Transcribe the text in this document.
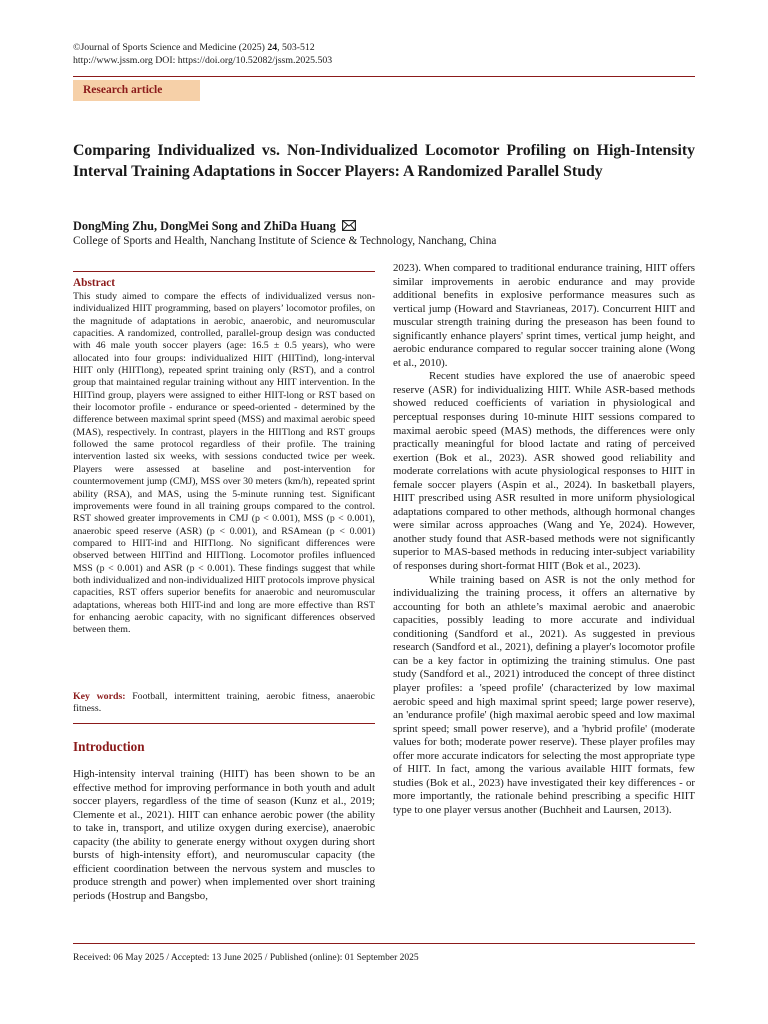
©Journal of Sports Science and Medicine (2025) 24, 503-512
http://www.jssm.org DOI: https://doi.org/10.52082/jssm.2025.503
Research article
Comparing Individualized vs. Non-Individualized Locomotor Profiling on High-Intensity Interval Training Adaptations in Soccer Players: A Randomized Parallel Study
DongMing Zhu, DongMei Song and ZhiDa Huang
College of Sports and Health, Nanchang Institute of Science & Technology, Nanchang, China
Abstract
This study aimed to compare the effects of individualized versus non-individualized HIIT programming, based on players’ locomotor profiles, on the magnitude of adaptations in aerobic, anaerobic, and neuromuscular capacities. A randomized, controlled, parallel-group design was conducted with 46 male youth soccer players (age: 16.5 ± 0.5 years), who were allocated into four groups: individualized HIIT (HIITind), long-interval HIIT only (HIITlong), repeated sprint training only (RST), and a control group that maintained regular training without any HIIT intervention. In the HIITind group, players were assigned to either HIIT-long or RST based on their locomotor profile - endurance or speed-oriented - determined by the difference between maximal sprint speed (MSS) and maximal aerobic speed (MAS), respectively. In contrast, players in the HIITlong and RST groups followed the same protocol regardless of their profile. The training intervention lasted six weeks, with sessions conducted twice per week. Players were assessed at baseline and post-intervention for countermovement jump (CMJ), MSS over 30 meters (km/h), repeated sprint ability (RSA), and MAS, using the 5-minute running test. Significant improvements were found in all training groups compared to the control. RST showed greater improvements in CMJ (p < 0.001), MSS (p < 0.001), anaerobic speed reserve (ASR) (p < 0.001), and RSAmean (p < 0.001) compared to HIIT-ind and HIITlong. No significant differences were observed between HIITind and HIITlong. Locomotor profiles influenced MSS (p < 0.001) and ASR (p < 0.001). These findings suggest that while both individualized and non-individualized HIIT protocols improve physical capacities, RST offers superior benefits for anaerobic and neuromuscular adaptations, whereas both HIIT-ind and long are more effective than RST for enhancing aerobic capacity, with no significant differences observed between them.
Key words: Football, intermittent training, aerobic fitness, anaerobic fitness.
Introduction

High-intensity interval training (HIIT) has been shown to be an effective method for improving performance in both youth and adult soccer players, regardless of the time of season (Kunz et al., 2019; Clemente et al., 2021). HIIT can enhance aerobic power (the ability to take in, transport, and utilize oxygen during exercise), anaerobic capacity (the ability to generate energy without oxygen during short bursts of high-intensity effort), and neuromuscular capacity (the efficient coordination between the nervous system and muscles to produce strength and power) when implemented over short training periods (Hostrup and Bangsbo,

2023). When compared to traditional endurance training, HIIT offers similar improvements in aerobic endurance and may provide additional benefits in explosive performance measures such as vertical jump (Howard and Stavrianeas, 2017). Concurrent HIIT and muscular strength training during the preseason has been found to significantly enhance players' sprint times, vertical jump height, and aerobic endurance compared to regular soccer training alone (Wong et al., 2010).

Recent studies have explored the use of anaerobic speed reserve (ASR) for individualizing HIIT. While ASR-based methods showed reduced coefficients of variation in physiological and perceptual responses during 10-minute HIIT sessions compared to maximal aerobic speed (MAS) methods, the differences were only practically meaningful for blood lactate and rating of perceived exertion (Bok et al., 2023). ASR showed good reliability and moderate correlations with acute physiological responses to HIIT in female soccer players (Aspin et al., 2024). In basketball players, HIIT prescribed using ASR resulted in more uniform physiological adaptations compared to other methods, although hormonal changes were similar across approaches (Wang and Ye, 2024). However, another study found that ASR-based methods were not significantly superior to MAS-based methods in reducing inter-subject variability of responses during short-format HIIT (Bok et al., 2023).

While training based on ASR is not the only method for individualizing the training process, it offers an alternative by accounting for both an athlete’s maximal aerobic and anaerobic capacities, possibly leading to more accurate and individual conditioning (Sandford et al., 2021). As suggested in previous research (Sandford et al., 2021), defining a player's locomotor profile can be a key factor in optimizing the training stimulus. One past study (Sandford et al., 2021) introduced the concept of three distinct player profiles: a 'speed profile' (characterized by low maximal aerobic speed and high maximal sprint speed; large power reserve), an 'endurance profile' (high maximal aerobic speed and low maximal sprint speed; small power reserve), and a 'hybrid profile' (moderate values for both; moderate power reserve). These player profiles may offer more accurate indicators for selecting the most appropriate type of HIIT. In fact, among the various available HIIT formats, few studies (Bok et al., 2023) have investigated their key differences - or more importantly, the rationale behind prescribing a specific HIIT type to one player versus another (Buchheit and Laursen, 2013).

Received: 06 May 2025 / Accepted: 13 June 2025 / Published (online): 01 September 2025
